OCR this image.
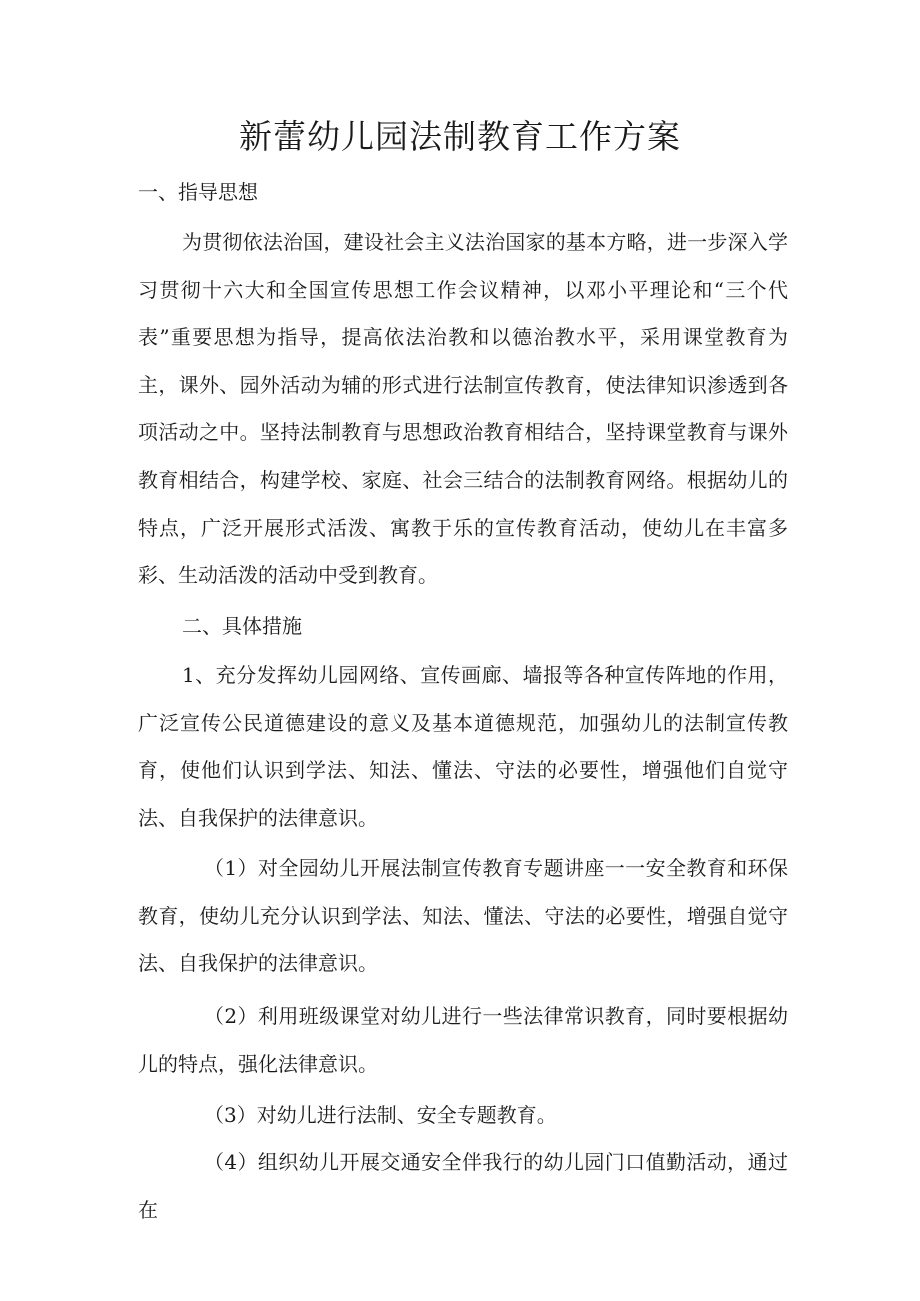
新蕾幼儿园法制教育工作方案

一、指导思想

为贯彻依法治国，建设社会主义法治国家的基本方略，进一步深入学习贯彻十六大和全国宣传思想工作会议精神，以邓小平理论和“三个代表”重要思想为指导，提高依法治教和以德治教水平，采用课堂教育为主，课外、园外活动为辅的形式进行法制宣传教育，使法律知识渗透到各项活动之中。坚持法制教育与思想政治教育相结合，坚持课堂教育与课外教育相结合，构建学校、家庭、社会三结合的法制教育网络。根据幼儿的特点，广泛开展形式活泼、寓教于乐的宣传教育活动，使幼儿在丰富多彩、生动活泼的活动中受到教育。

二、具体措施

1、充分发挥幼儿园网络、宣传画廊、墙报等各种宣传阵地的作用，广泛宣传公民道德建设的意义及基本道德规范，加强幼儿的法制宣传教育，使他们认识到学法、知法、懂法、守法的必要性，增强他们自觉守法、自我保护的法律意识。

（1）对全园幼儿开展法制宣传教育专题讲座一一安全教育和环保教育，使幼儿充分认识到学法、知法、懂法、守法的必要性，增强自觉守法、自我保护的法律意识。

（2）利用班级课堂对幼儿进行一些法律常识教育，同时要根据幼儿的特点，强化法律意识。

（3）对幼儿进行法制、安全专题教育。

（4）组织幼儿开展交通安全伴我行的幼儿园门口值勤活动，通过在
